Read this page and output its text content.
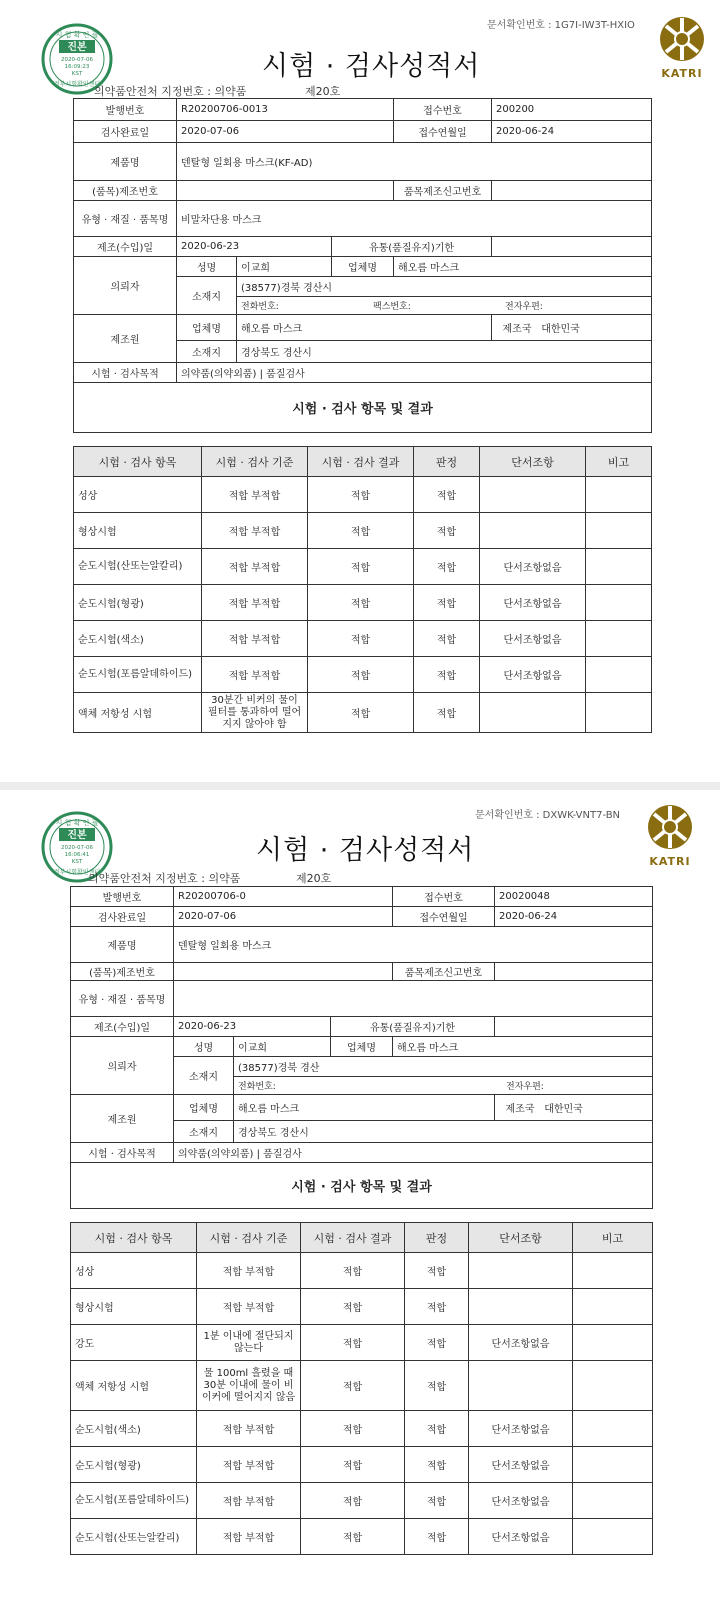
문서확인번호 : 1G7I-IW3T-HXIO
시 험 확 인 필
진본
2020-07-06
16:09:23
KST
정부시험확인센터
시험 · 검사성적서
의약품안전처 지정번호 : 의약품	제20호
KATRI
발행번호	R20200706-0013			접수번호	200200
검사완료일	2020-07-06			접수연월일	2020-06-24
제품명	덴탈형 일회용 마스크(KF-AD)				
(품목)제조번호				품목제조신고번호	
유형 · 재질 · 품목명	비말차단용 마스크				
제조(수입)일	2020-06-23		유통(품질유지)기한		
의뢰자	성명	이교희	업체명	해오름 마스크	
	소재지	(38577)경북 경산시			
		전화번호: 팩스번호: 전자우편:			
제조원	업체명	해오름 마스크			제조국 대한민국
	소재지	경상북도 경산시			
시험 · 검사목적	의약품(의약외품) | 품질검사				
시험 · 검사 항목 및 결과					
시험 · 검사 항목	시험 · 검사 기준	시험 · 검사 결과	판정	단서조항	비고
성상	적합 부적합	적합	적합		
형상시험	적합 부적합	적합	적합		
순도시험(산또는알칼리)	적합 부적합	적합	적합	단서조항없음	
순도시험(형광)	적합 부적합	적합	적합	단서조항없음	
순도시험(색소)	적합 부적합	적합	적합	단서조항없음	
순도시험(포름알데하이드)	적합 부적합	적합	적합	단서조항없음	
액체 저항성 시험	30분간 비커의 물이 필터를 통과하여 떨어지지 않아야 함	적합	적합		
문서확인번호 : DXWK-VNT7-BN
시 험 확 인 필
진본
2020-07-06
16:06:41
KST
정부시험확인센터
시험 · 검사성적서
의약품안전처 지정번호 : 의약품	제20호
KATRI
발행번호	R20200706-0			접수번호	20020048
검사완료일	2020-07-06			접수연월일	2020-06-24
제품명	덴탈형 일회용 마스크				
(품목)제조번호				품목제조신고번호	
유형 · 재질 · 품목명					
제조(수입)일	2020-06-23		유통(품질유지)기한		
의뢰자	성명	이교희	업체명	해오름 마스크	
	소재지	(38577)경북 경산			
		전화번호: 전자우편:			
제조원	업체명	해오름 마스크			제조국 대한민국
	소재지	경상북도 경산시			
시험 · 검사목적	의약품(의약외품) | 품질검사				
시험 · 검사 항목 및 결과					
시험 · 검사 항목	시험 · 검사 기준	시험 · 검사 결과	판정	단서조항	비고
성상	적합 부적합	적합	적합		
형상시험	적합 부적합	적합	적합		
강도	1분 이내에 절단되지 않는다	적합	적합	단서조항없음	
액체 저항성 시험	물 100ml 흘렸을 때 30분 이내에 물이 비이커에 떨어지지 않음	적합	적합		
순도시험(색소)	적합 부적합	적합	적합	단서조항없음	
순도시험(형광)	적합 부적합	적합	적합	단서조항없음	
순도시험(포름알데하이드)	적합 부적합	적합	적합	단서조항없음	
순도시험(산또는알칼리)	적합 부적합	적합	적합	단서조항없음	
